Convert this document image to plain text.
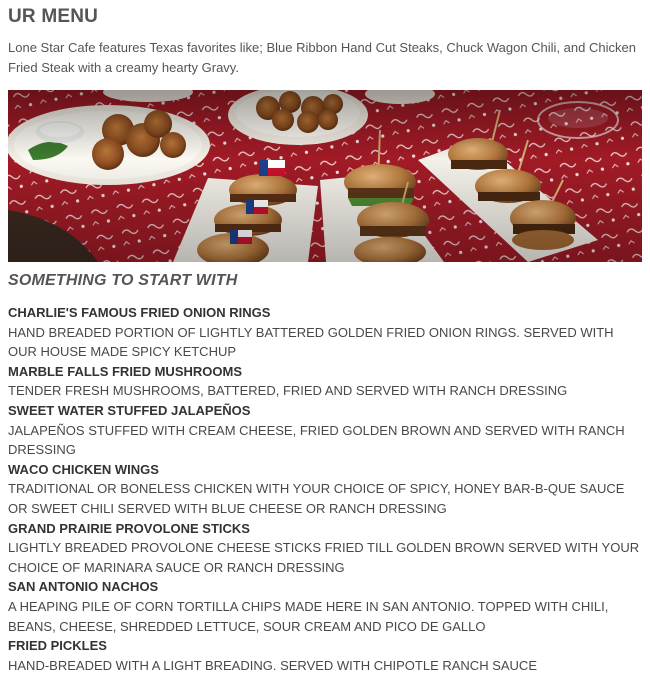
UR MENU

Lone Star Cafe features Texas favorites like; Blue Ribbon Hand Cut Steaks, Chuck Wagon Chili, and Chicken Fried Steak with a creamy hearty Gravy.

SOMETHING TO START WITH
CHARLIE'S FAMOUS FRIED ONION RINGS
HAND BREADED PORTION OF LIGHTLY BATTERED GOLDEN FRIED ONION RINGS. SERVED WITH OUR HOUSE MADE SPICY KETCHUP
MARBLE FALLS FRIED MUSHROOMS
TENDER FRESH MUSHROOMS, BATTERED, FRIED AND SERVED WITH RANCH DRESSING
SWEET WATER STUFFED JALAPEÑOS
JALAPEÑOS STUFFED WITH CREAM CHEESE, FRIED GOLDEN BROWN AND SERVED WITH RANCH DRESSING
WACO CHICKEN WINGS
TRADITIONAL OR BONELESS CHICKEN WITH YOUR CHOICE OF SPICY, HONEY BAR-B-QUE SAUCE OR SWEET CHILI SERVED WITH BLUE CHEESE OR RANCH DRESSING
GRAND PRAIRIE PROVOLONE STICKS
LIGHTLY BREADED PROVOLONE CHEESE STICKS FRIED TILL GOLDEN BROWN SERVED WITH YOUR CHOICE OF MARINARA SAUCE OR RANCH DRESSING
SAN ANTONIO NACHOS
A HEAPING PILE OF CORN TORTILLA CHIPS MADE HERE IN SAN ANTONIO. TOPPED WITH CHILI, BEANS, CHEESE, SHREDDED LETTUCE, SOUR CREAM AND PICO DE GALLO
FRIED PICKLES
HAND-BREADED WITH A LIGHT BREADING. SERVED WITH CHIPOTLE RANCH SAUCE
